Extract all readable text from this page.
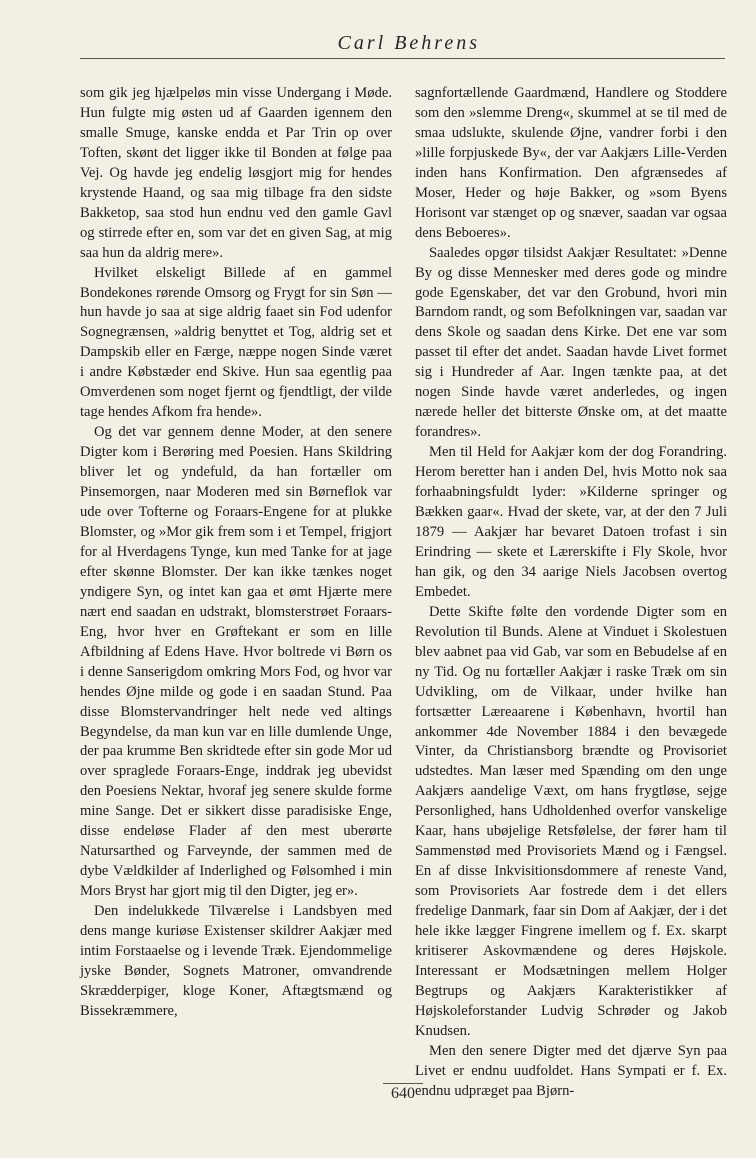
Carl Behrens

som gik jeg hjælpeløs min visse Undergang i Møde. Hun fulgte mig østen ud af Gaarden igennem den smalle Smuge, kanske endda et Par Trin op over Toften, skønt det ligger ikke til Bonden at følge paa Vej. Og havde jeg endelig løsgjort mig for hendes krystende Haand, og saa mig tilbage fra den sidste Bakketop, saa stod hun endnu ved den gamle Gavl og stirrede efter en, som var det en given Sag, at mig saa hun da aldrig mere».

Hvilket elskeligt Billede af en gammel Bondekones rørende Omsorg og Frygt for sin Søn — hun havde jo saa at sige aldrig faaet sin Fod udenfor Sognegrænsen, »aldrig benyttet et Tog, aldrig set et Dampskib eller en Færge, næppe nogen Sinde været i andre Købstæder end Skive. Hun saa egentlig paa Omverdenen som noget fjernt og fjendtligt, der vilde tage hendes Afkom fra hende».

Og det var gennem denne Moder, at den senere Digter kom i Berøring med Poesien. Hans Skildring bliver let og yndefuld, da han fortæller om Pinsemorgen, naar Moderen med sin Børneflok var ude over Tofterne og Foraars-Engene for at plukke Blomster, og »Mor gik frem som i et Tempel, frigjort for al Hverdagens Tynge, kun med Tanke for at jage efter skønne Blomster. Der kan ikke tænkes noget yndigere Syn, og intet kan gaa et ømt Hjærte mere nært end saadan en udstrakt, blomsterstrøet Foraars-Eng, hvor hver en Grøftekant er som en lille Afbildning af Edens Have. Hvor boltrede vi Børn os i denne Sanserigdom omkring Mors Fod, og hvor var hendes Øjne milde og gode i en saadan Stund. Paa disse Blomstervandringer helt nede ved altings Begyndelse, da man kun var en lille dumlende Unge, der paa krumme Ben skridtede efter sin gode Mor ud over spraglede Foraars-Enge, inddrak jeg ubevidst den Poesiens Nektar, hvoraf jeg senere skulde forme mine Sange. Det er sikkert disse paradisiske Enge, disse endeløse Flader af den mest uberørte Natursarthed og Farveynde, der sammen med de dybe Vældkilder af Inderlighed og Følsomhed i min Mors Bryst har gjort mig til den Digter, jeg er».

Den indelukkede Tilværelse i Landsbyen med dens mange kuriøse Existenser skildrer Aakjær med intim Forstaaelse og i levende Træk. Ejendommelige jyske Bønder, Sognets Matroner, omvandrende Skrædderpiger, kloge Koner, Aftægtsmænd og Bissekræmmere,

sagnfortællende Gaardmænd, Handlere og Stoddere som den »slemme Dreng«, skummel at se til med de smaa udslukte, skulende Øjne, vandrer forbi i den »lille forpjuskede By«, der var Aakjærs Lille-Verden inden hans Konfirmation. Den afgrænsedes af Moser, Heder og høje Bakker, og »som Byens Horisont var stænget op og snæver, saadan var ogsaa dens Beboeres».

Saaledes opgør tilsidst Aakjær Resultatet: »Denne By og disse Mennesker med deres gode og mindre gode Egenskaber, det var den Grobund, hvori min Barndom randt, og som Befolkningen var, saadan var dens Skole og saadan dens Kirke. Det ene var som passet til efter det andet. Saadan havde Livet formet sig i Hundreder af Aar. Ingen tænkte paa, at det nogen Sinde havde været anderledes, og ingen nærede heller det bitterste Ønske om, at det maatte forandres».

Men til Held for Aakjær kom der dog Forandring. Herom beretter han i anden Del, hvis Motto nok saa forhaabningsfuldt lyder: »Kilderne springer og Bækken gaar«. Hvad der skete, var, at der den 7 Juli 1879 — Aakjær har bevaret Datoen trofast i sin Erindring — skete et Lærerskifte i Fly Skole, hvor han gik, og den 34 aarige Niels Jacobsen overtog Embedet.

Dette Skifte følte den vordende Digter som en Revolution til Bunds. Alene at Vinduet i Skolestuen blev aabnet paa vid Gab, var som en Bebudelse af en ny Tid. Og nu fortæller Aakjær i raske Træk om sin Udvikling, om de Vilkaar, under hvilke han fortsætter Læreaarene i København, hvortil han ankommer 4de November 1884 i den bevægede Vinter, da Christiansborg brændte og Provisoriet udstedtes. Man læser med Spænding om den unge Aakjærs aandelige Væxt, om hans frygtløse, sejge Personlighed, hans Udholdenhed overfor vanskelige Kaar, hans ubøjelige Retsfølelse, der fører ham til Sammenstød med Provisoriets Mænd og i Fængsel. En af disse Inkvisitionsdommere af reneste Vand, som Provisoriets Aar fostrede dem i det ellers fredelige Danmark, faar sin Dom af Aakjær, der i det hele ikke lægger Fingrene imellem og f. Ex. skarpt kritiserer Askovmændene og deres Højskole. Interessant er Modsætningen mellem Holger Begtrups og Aakjærs Karakteristikker af Højskoleforstander Ludvig Schrøder og Jakob Knudsen.

Men den senere Digter med det djærve Syn paa Livet er endnu uudfoldet. Hans Sympati er f. Ex. endnu udpræget paa Bjørn-

640
